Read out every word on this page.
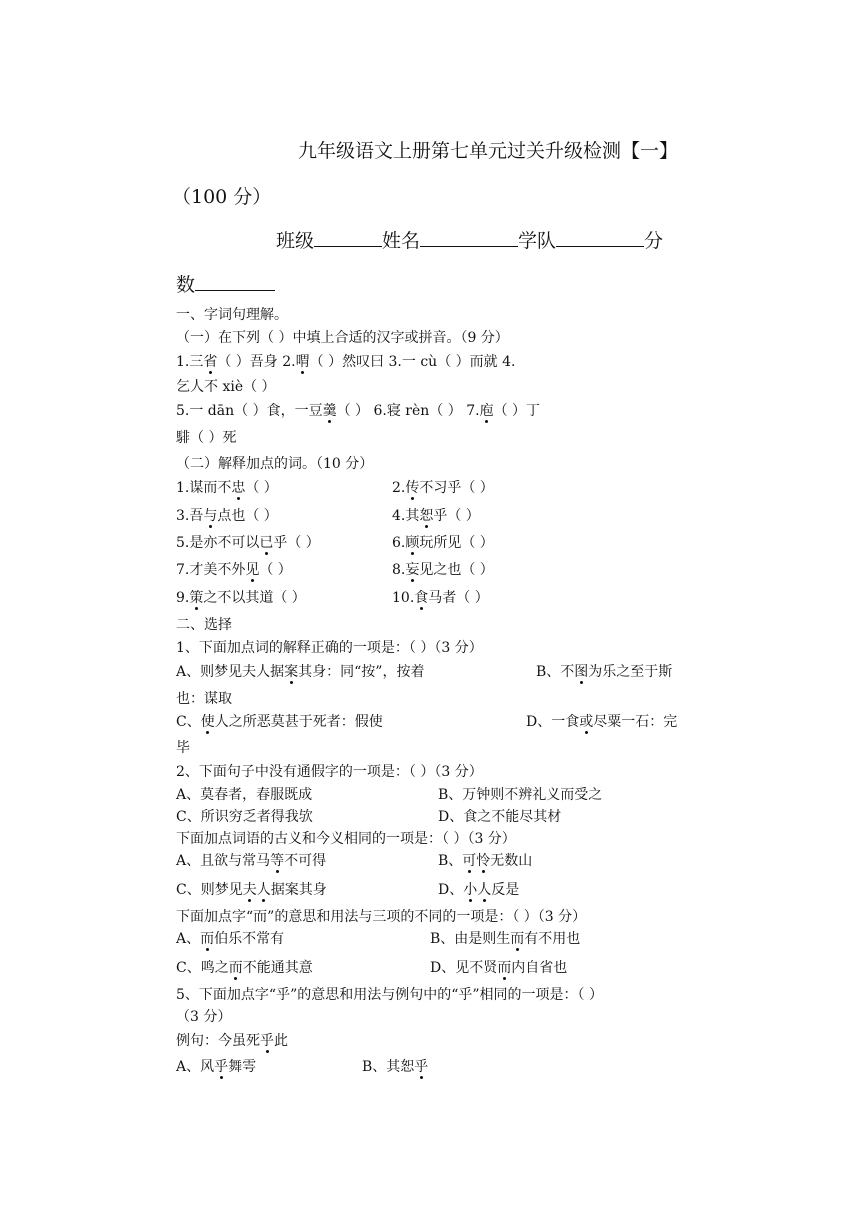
九年级语文上册第七单元过关升级检测【一】
（100 分）
班级	姓名	学队	分
数
一、字词句理解。
（一）在下列（ ）中填上合适的汉字或拼音。（9 分）
1.三省（ ）吾身 2.喟（ ）然叹曰 3.一 cù（ ）而就 4.
乞人不 xiè（ ）
5.一 dān（ ）食，一豆羹（ ） 6.寝 rèn（ ） 7.庖（ ）丁
騑（ ）死
（二）解释加点的词。（10 分）
1.谋而不忠（ ）	2.传不习乎（ ）
3.吾与点也（ ）	4.其恕乎（ ）
5.是亦不可以已乎（ ）	6.顾玩所见（ ）
7.才美不外见（ ）	8.妄见之也（ ）
9.策之不以其道（ ）	10.食马者（ ）
二、选择
1、下面加点词的解释正确的一项是：（ ）（3 分）
A、则梦见夫人据案其身：同“按”，按着	B、不图为乐之至于斯
也：谋取
C、使人之所恶莫甚于死者：假使	D、一食或尽粟一石：完
毕
2、下面句子中没有通假字的一项是：（ ）（3 分）
A、莫春者，春服既成	B、万钟则不辨礼义而受之
C、所识穷乏者得我欤	D、食之不能尽其材
下面加点词语的古义和今义相同的一项是：（ ）（3 分）
A、且欲与常马等不可得	B、可怜无数山
C、则梦见夫人据案其身	D、小人反是
下面加点字“而”的意思和用法与三项的不同的一项是：（ ）（3 分）
A、而伯乐不常有	B、由是则生而有不用也
C、鸣之而不能通其意	D、见不贤而内自省也
5、下面加点字“乎”的意思和用法与例句中的“乎”相同的一项是：（ ）
（3 分）
例句：今虽死乎此
A、风乎舞雩	B、其恕乎
